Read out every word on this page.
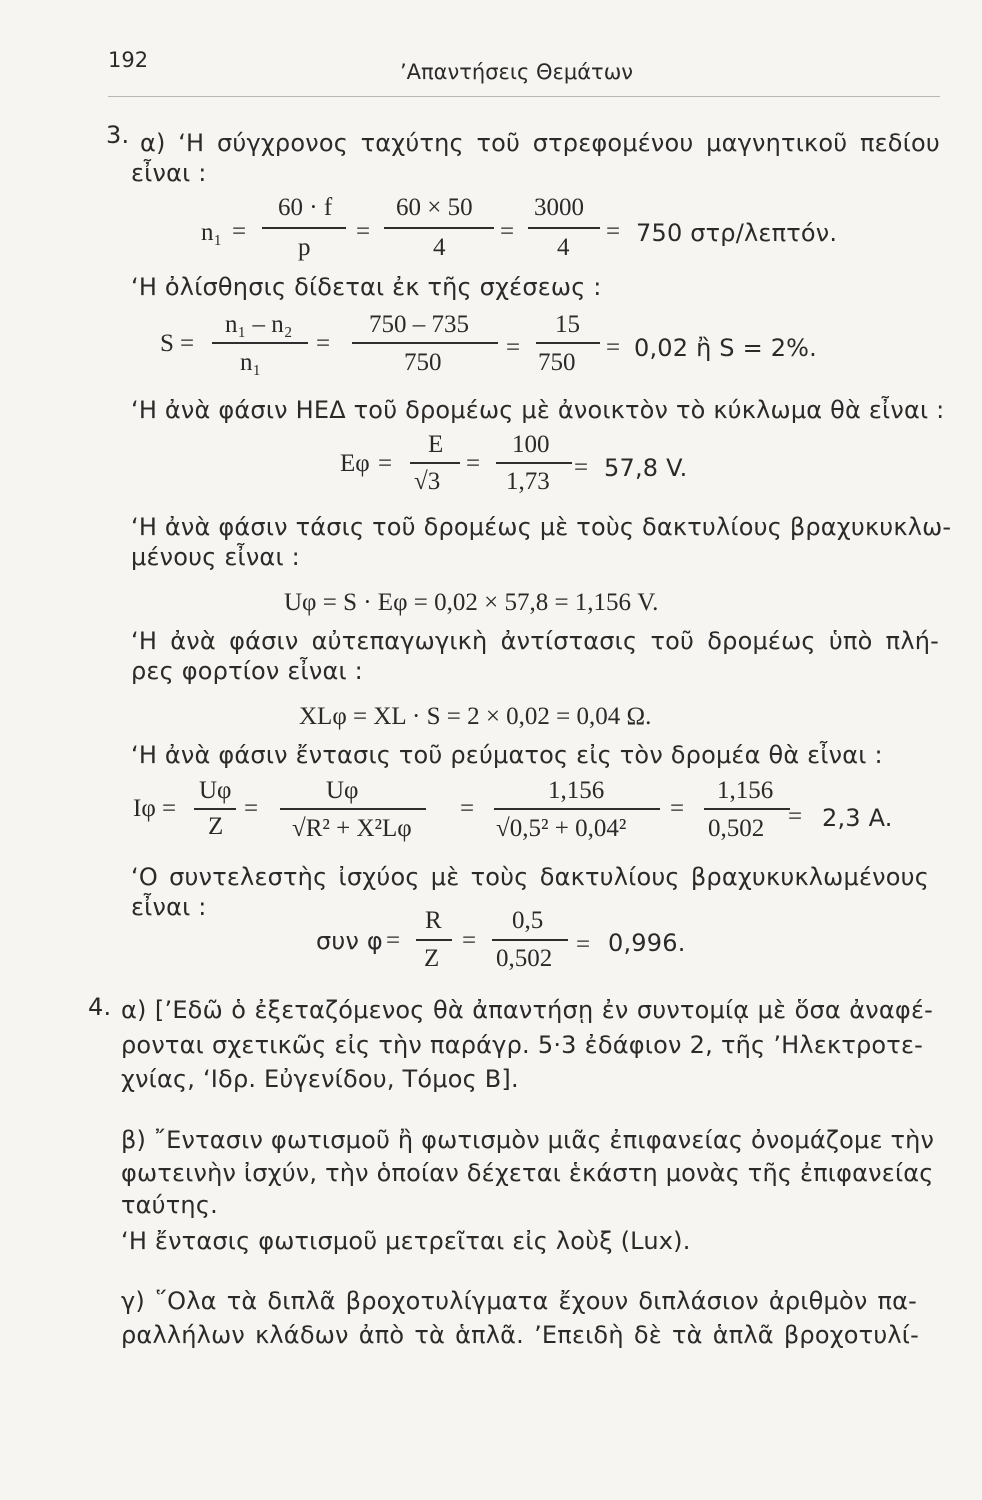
192	’Απαντήσεις Θεμάτων
3. α) ‘Η σύγχρονος ταχύτης τοῦ στρεφομένου μαγνητικοῦ πεδίου
εἶναι :
n₁ =
60 · f
p
=
60 × 50
4
=
3000
4
= 750 στρ/λεπτόν.
‘Η ὀλίσθησις δίδεται ἐκ τῆς σχέσεως :
S =
n₁ – n₂
n₁
=
750 – 735
750
=
15
750
= 0,02 ἢ S = 2%.
‘Η ἀνὰ φάσιν ΗΕΔ τοῦ δρομέως μὲ ἀνοικτὸν τὸ κύκλωμα θὰ εἶναι :
Eφ =
E
√3
=
100
1,73
= 57,8 V.
‘Η ἀνὰ φάσιν τάσις τοῦ δρομέως μὲ τοὺς δακτυλίους βραχυκυκλω-
μένους εἶναι :
Uφ = S · Eφ = 0,02 × 57,8 = 1,156 V.
‘Η ἀνὰ φάσιν αὐτεπαγωγικὴ ἀντίστασις τοῦ δρομέως ὑπὸ πλή-
ρες φορτίον εἶναι :
XLφ = XL · S = 2 × 0,02 = 0,04 Ω.
‘Η ἀνὰ φάσιν ἔντασις τοῦ ρεύματος εἰς τὸν δρομέα θὰ εἶναι :
Iφ =
Uφ
Z
=
Uφ
√R² + X²Lφ
=
1,156
√0,5² + 0,04²
=
1,156
0,502 = 2,3 A.
‘Ο συντελεστὴς ἰσχύος μὲ τοὺς δακτυλίους βραχυκυκλωμένους
εἶναι :
συν φ =
R
Z
=
0,5
0,502
= 0,996.
4. α) [’Εδῶ ὁ ἐξεταζόμενος θὰ ἀπαντήσῃ ἐν συντομίᾳ μὲ ὅσα ἀναφέ-
ρονται σχετικῶς εἰς τὴν παράγρ. 5·3 ἐδάφιον 2, τῆς ’Ηλεκτροτε-
χνίας, ‘Ιδρ. Εὐγενίδου, Τόμος Β].
β) ῎Εντασιν φωτισμοῦ ἢ φωτισμὸν μιᾶς ἐπιφανείας ὀνομάζομε τὴν
φωτεινὴν ἰσχύν, τὴν ὁποίαν δέχεται ἑκάστη μονὰς τῆς ἐπιφανείας
ταύτης.
‘Η ἔντασις φωτισμοῦ μετρεῖται εἰς λοὺξ (Lux).
γ) ῞Ολα τὰ διπλᾶ βροχοτυλίγματα ἔχουν διπλάσιον ἀριθμὸν πα-
ραλλήλων κλάδων ἀπὸ τὰ ἁπλᾶ. ’Επειδὴ δὲ τὰ ἁπλᾶ βροχοτυλί-
